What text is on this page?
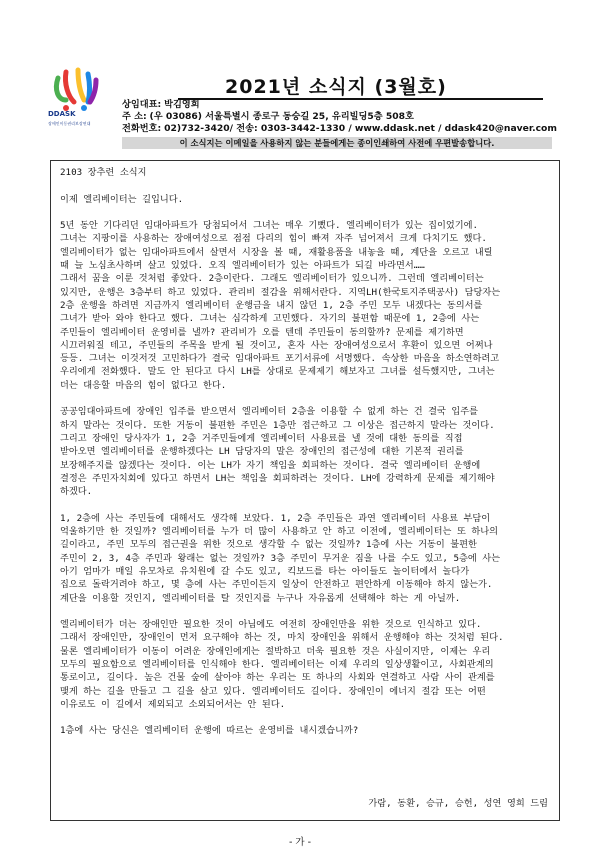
DDASK
장애인이동권리보장연대
2021년 소식지 (3월호)
상임대표: 박김영희
주 소: (우 03086) 서울특별시 종로구 동숭길 25, 유리빌딩5층 508호
전화번호: 02)732-3420/ 전송: 0303-3442-1330 / www.ddask.net / ddask420@naver.com
이 소식지는 이메일을 사용하지 않는 분들에게는 종이인쇄하여 사전에 우편발송합니다.

2103 장추련 소식지

이제 엘리베이터는 길입니다.

5년 동안 기다리던 임대아파트가 당첨되어서 그녀는 매우 기뻤다. 엘리베이터가 있는 집이었기에.

그녀는 지팡이를 사용하는 장애여성으로 점점 다리의 힘이 빠져 자주 넘어져서 크게 다치기도 했다.

엘리베이터가 없는 임대아파트에서 살면서 시장을 볼 때, 재활용품을 내놓을 때, 계단을 오르고 내릴

때 늘 노심초사하며 살고 있었다. 오직 엘리베이터가 있는 아파트가 되길 바라면서……

그래서 꿈을 이룬 것처럼 좋았다. 2층이란다. 그래도 엘리베이터가 있으니까. 그런데 엘리베이터는

있지만, 운행은 3층부터 하고 있었다. 관리비 절감을 위해서란다. 지역LH(한국토지주택공사) 담당자는

2층 운행을 하려면 지금까지 엘리베이터 운행금을 내지 않던 1, 2층 주민 모두 내겠다는 동의서를

그녀가 받아 와야 한다고 했다. 그녀는 심각하게 고민했다. 자기의 불편함 때문에 1, 2층에 사는

주민들이 엘리베이터 운영비를 낼까? 관리비가 오를 텐데 주민들이 동의할까? 문제를 제기하면

시끄러워질 테고, 주민들의 주목을 받게 될 것이고, 혼자 사는 장애여성으로서 후환이 있으면 어쩌나

등등. 그녀는 이것저것 고민하다가 결국 임대아파트 포기서류에 서명했다. 속상한 마음을 하소연하려고

우리에게 전화했다. 말도 안 된다고 다시 LH를 상대로 문제제기 해보자고 그녀를 설득했지만, 그녀는

더는 대응할 마음의 힘이 없다고 한다.

공공임대아파트에 장애인 입주를 받으면서 엘리베이터 2층을 이용할 수 없게 하는 건 결국 입주를

하지 말라는 것이다. 또한 거동이 불편한 주민은 1층만 접근하고 그 이상은 접근하지 말라는 것이다.

그리고 장애인 당사자가 1, 2층 거주민들에게 엘리베이터 사용료를 낼 것에 대한 동의를 직접

받아오면 엘리베이터를 운행하겠다는 LH 담당자의 말은 장애인의 접근성에 대한 기본적 권리를

보장해주지를 않겠다는 것이다. 이는 LH가 자기 책임을 회피하는 것이다. 결국 엘리베이터 운행에

결정은 주민자치회에 있다고 하면서 LH는 책임을 회피하려는 것이다. LH에 강력하게 문제를 제기해야

하겠다.

1, 2층에 사는 주민들에 대해서도 생각해 보았다. 1, 2층 주민들은 과연 엘리베이터 사용료 부담이

억울하기만 한 것일까? 엘리베이터를 누가 더 많이 사용하고 안 하고 이전에, 엘리베이터는 또 하나의

길이라고, 주민 모두의 접근권을 위한 것으로 생각할 수 없는 것일까? 1층에 사는 거동이 불편한

주민이 2, 3, 4층 주민과 왕래는 없는 것일까? 3층 주민이 무거운 짐을 나를 수도 있고, 5층에 사는

아기 엄마가 매일 유모차로 유치원에 갈 수도 있고, 킥보드를 타는 아이들도 놀이터에서 놀다가

집으로 돌락거려야 하고, 몇 층에 사는 주민이든지 일상이 안전하고 편안하게 이동해야 하지 않는가.

계단을 이용할 것인지, 엘리베이터를 탈 것인지를 누구나 자유롭게 선택해야 하는 게 아닐까.

엘리베이터가 더는 장애인만 필요한 것이 아님에도 여전히 장애인만을 위한 것으로 인식하고 있다.

그래서 장애인만, 장애인이 먼저 요구해야 하는 것, 마치 장애인을 위해서 운행해야 하는 것처럼 된다.

물론 엘리베이터가 이동이 어려운 장애인에게는 절박하고 더욱 필요한 것은 사실이지만, 이제는 우리

모두의 필요함으로 엘리베이터를 인식해야 한다. 엘리베이터는 이제 우리의 일상생활이고, 사회관계의

통로이고, 길이다. 높은 건물 숲에 살아야 하는 우리는 또 하나의 사회와 연결하고 사람 사이 관계를

맺게 하는 길을 만들고 그 길을 살고 있다. 엘리베이터도 길이다. 장애인이 에너지 절감 또는 어떤

이유로도 이 길에서 제외되고 소외되어서는 안 된다.

1층에 사는 당신은 엘리베이터 운행에 따르는 운영비를 내시겠습니까?

가람, 동환, 승규, 승헌, 성연 영희 드림
- 가 -
